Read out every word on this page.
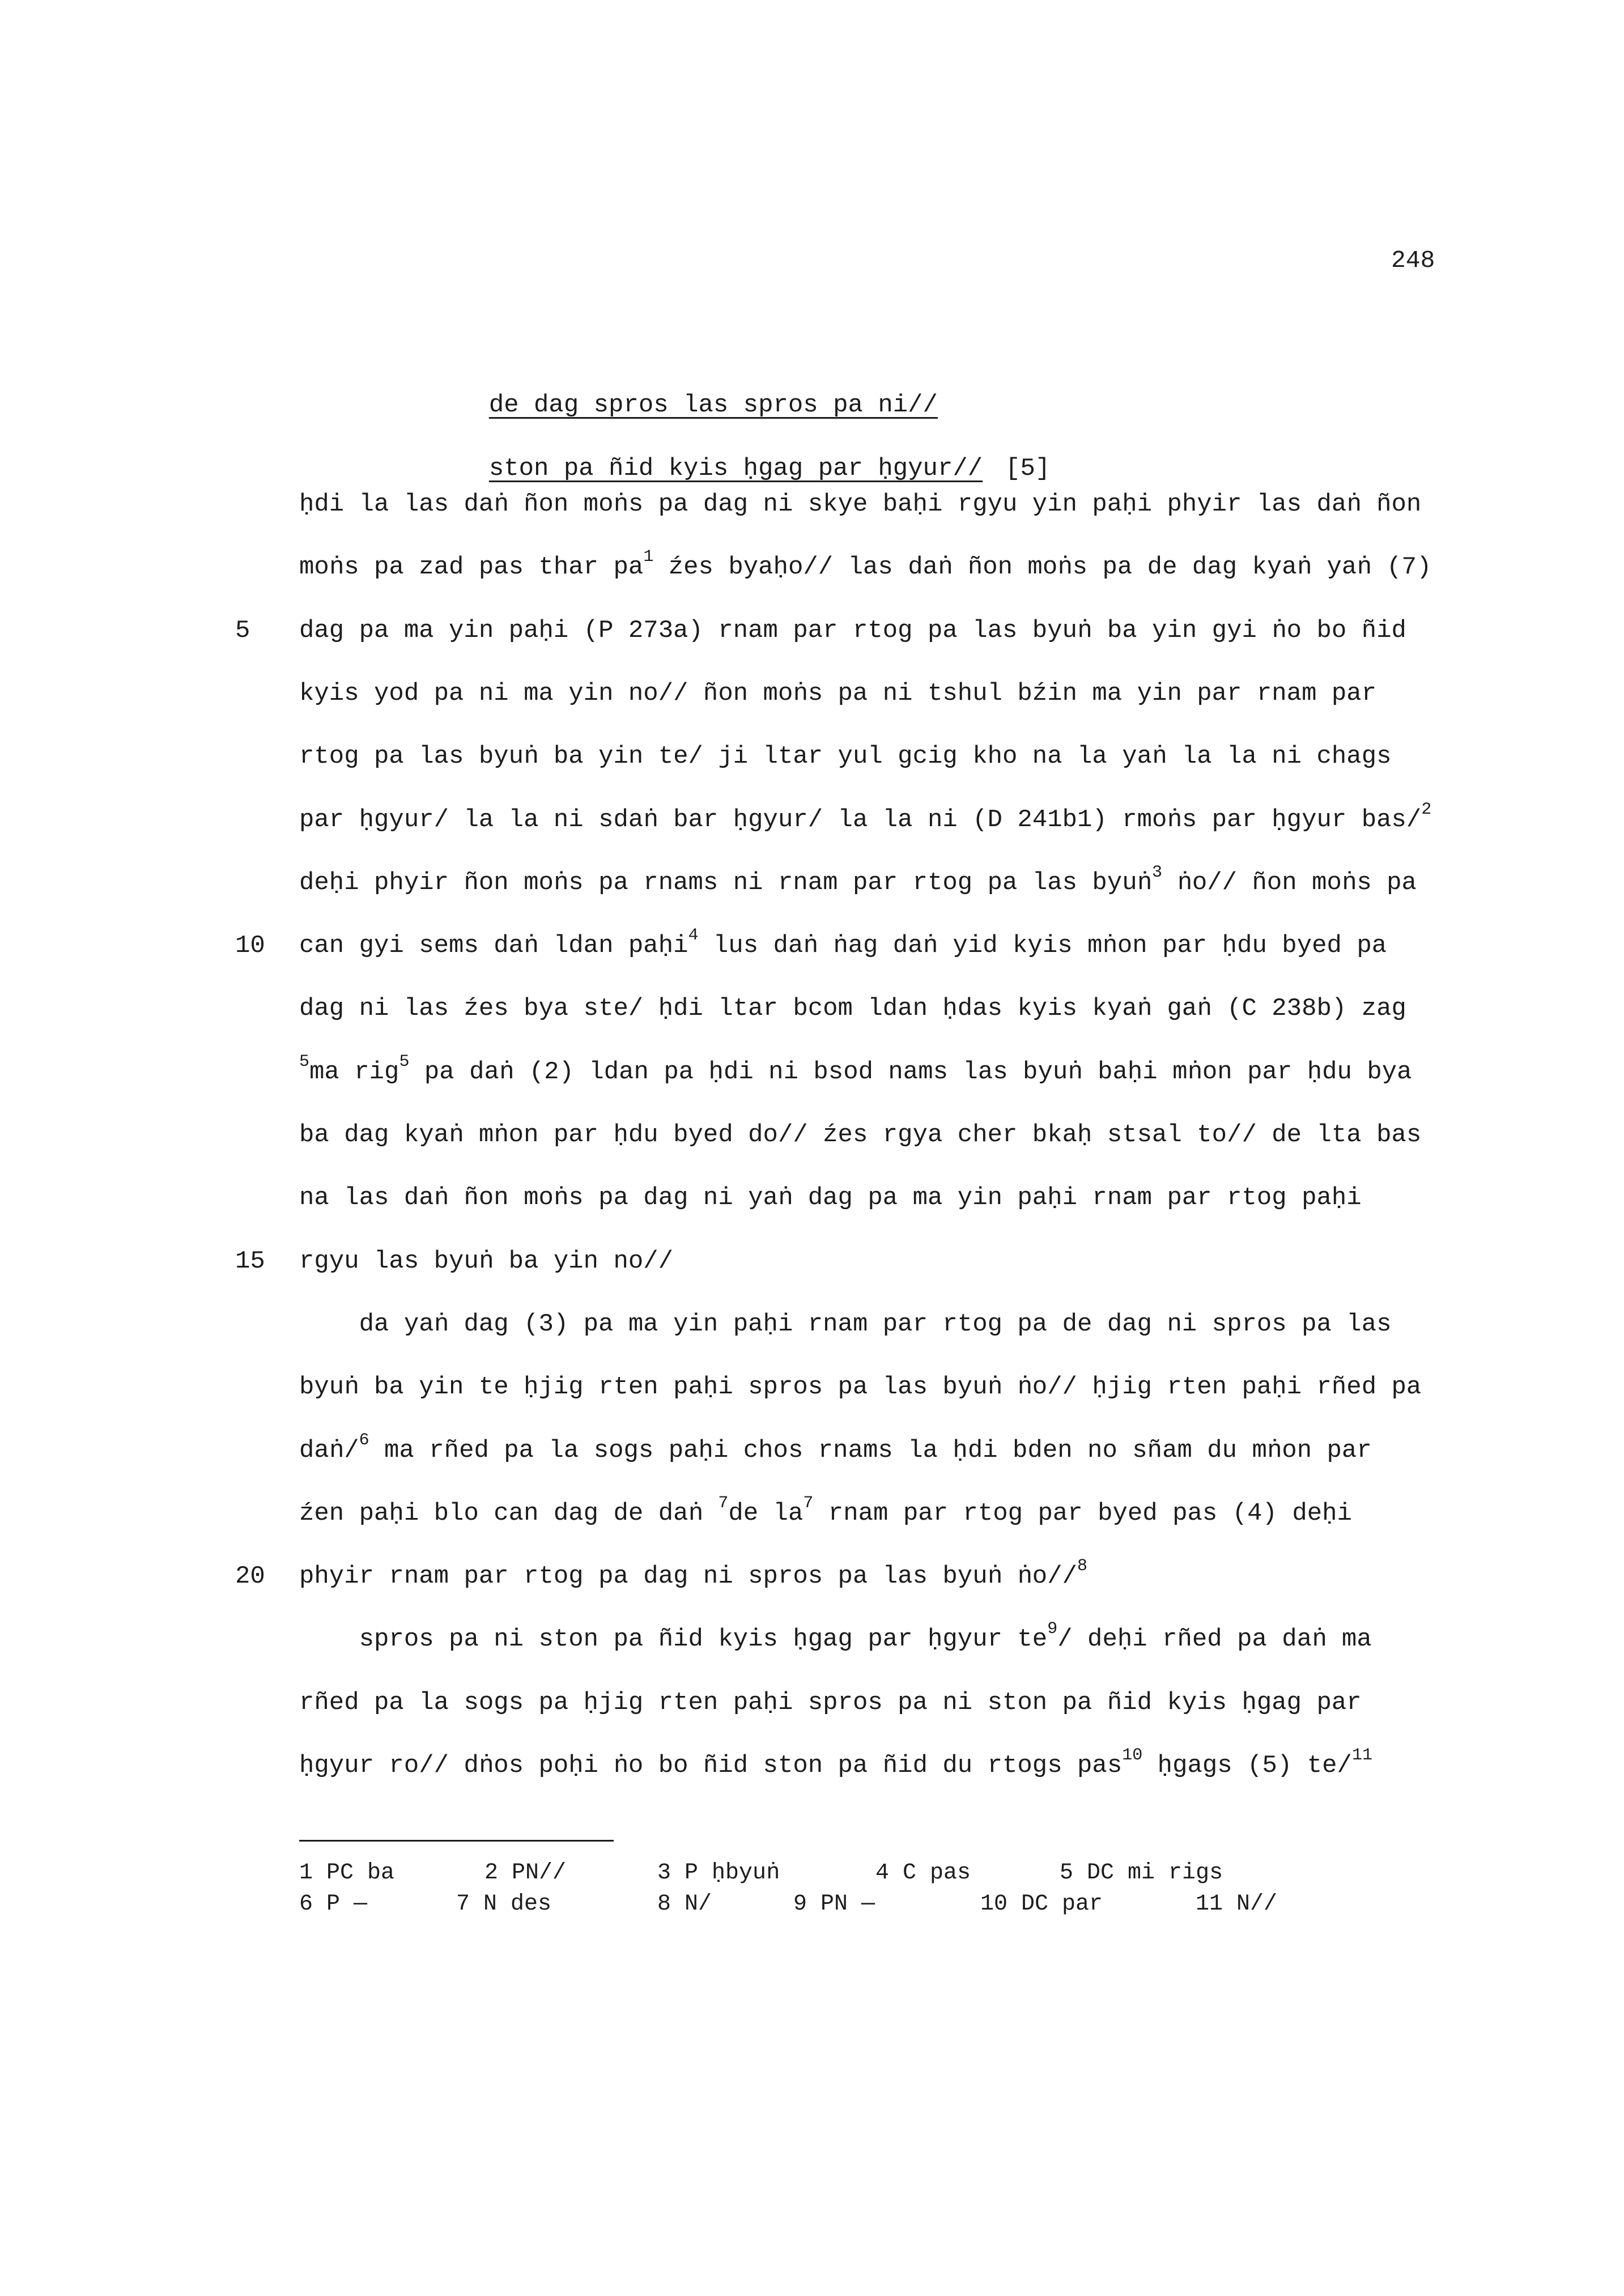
248

de dag spros las spros pa ni//

ston pa ñid kyis ḥgag par ḥgyur// [5]

ḥdi la las daṅ ñon moṅs pa dag ni skye baḥi rgyu yin paḥi phyir las daṅ ñon
moṅs pa zad pas thar $pa^1$ źes byaḥo// las daṅ ñon moṅs pa de dag kyaṅ yaṅ (7)
dag pa ma yin paḥi (P 273a) rnam par rtog pa las byuṅ ba yin gyi ṅo bo ñid
5
kyis yod pa ni ma yin no// ñon moṅs pa ni tshul bźin ma yin par rnam par
rtog pa las byuṅ ba yin te/ ji ltar yul gcig kho na la yaṅ la la ni chags
par ḥgyur/ la la ni sdaṅ bar ḥgyur/ la la ni (D 241b1) rmoṅs par ḥgyur bas/$^2$
deḥi phyir ñon moṅs pa rnams ni rnam par rtog pa las byuṅ$^3$ ṅo// ñon moṅs pa
can gyi sems daṅ ldan paḥi$^4$ lus daṅ ṅag daṅ yid kyis mṅon par ḥdu byed pa
10
dag ni las źes bya ste/ ḥdi ltar bcom ldan ḥdas kyis kyaṅ gaṅ (C 238b) zag
$^5$ma rig$^5$ pa daṅ (2) ldan pa ḥdi ni bsod nams las byuṅ baḥi mṅon par ḥdu bya
ba dag kyaṅ mṅon par ḥdu byed do// źes rgya cher bkaḥ stsal to// de lta bas
na las daṅ ñon moṅs pa dag ni yaṅ dag pa ma yin paḥi rnam par rtog paḥi
rgyu las byuṅ ba yin no//
15
da yaṅ dag (3) pa ma yin paḥi rnam par rtog pa de dag ni spros pa las
byuṅ ba yin te ḥjig rten paḥi spros pa las byuṅ ṅo// ḥjig rten paḥi rñed pa
daṅ/$^6$ ma rñed pa la sogs paḥi chos rnams la ḥdi bden no sñam du mṅon par
źen paḥi blo can dag de daṅ $^7$de $la^7$ rnam par rtog par byed pas (4) deḥi
phyir rnam par rtog pa dag ni spros pa las byuṅ ṅo//$^8$
20
spros pa ni ston pa ñid kyis ḥgag par ḥgyur $te^9/$ deḥi rñed pa daṅ ma
rñed pa la sogs pa ḥjig rten paḥi spros pa ni ston pa ñid kyis ḥgag par
ḥgyur ro// dṅos poḥi ṅo bo ñid ston pa ñid du rtogs pas$^{10}$ ḥgags (5) te/$^{11}$
1 PC ba	2 PN//	3 P ḥbyuṅ	4 C pas	5 DC mi rigs
6 P —	7 N des	8 N/	9 PN —	10 DC par	11 N//
